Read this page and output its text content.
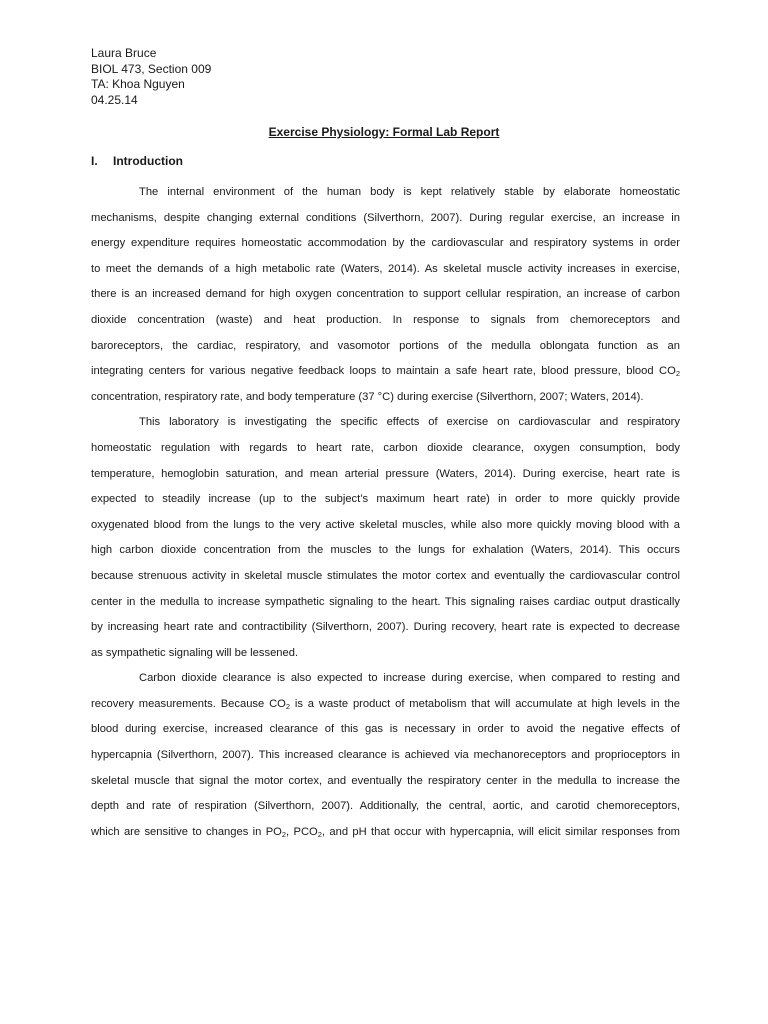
Laura Bruce
BIOL 473, Section 009
TA: Khoa Nguyen
04.25.14
Exercise Physiology: Formal Lab Report
I. Introduction
The internal environment of the human body is kept relatively stable by elaborate homeostatic
mechanisms, despite changing external conditions (Silverthorn, 2007). During regular exercise, an increase in
energy expenditure requires homeostatic accommodation by the cardiovascular and respiratory systems in order
to meet the demands of a high metabolic rate (Waters, 2014). As skeletal muscle activity increases in exercise,
there is an increased demand for high oxygen concentration to support cellular respiration, an increase of carbon
dioxide concentration (waste) and heat production. In response to signals from chemoreceptors and
baroreceptors, the cardiac, respiratory, and vasomotor portions of the medulla oblongata function as an
integrating centers for various negative feedback loops to maintain a safe heart rate, blood pressure, blood $CO_2$
concentration, respiratory rate, and body temperature (37 °C) during exercise (Silverthorn, 2007; Waters, 2014).
This laboratory is investigating the specific effects of exercise on cardiovascular and respiratory
homeostatic regulation with regards to heart rate, carbon dioxide clearance, oxygen consumption, body
temperature, hemoglobin saturation, and mean arterial pressure (Waters, 2014). During exercise, heart rate is
expected to steadily increase (up to the subject’s maximum heart rate) in order to more quickly provide
oxygenated blood from the lungs to the very active skeletal muscles, while also more quickly moving blood with a
high carbon dioxide concentration from the muscles to the lungs for exhalation (Waters, 2014). This occurs
because strenuous activity in skeletal muscle stimulates the motor cortex and eventually the cardiovascular control
center in the medulla to increase sympathetic signaling to the heart. This signaling raises cardiac output drastically
by increasing heart rate and contractibility (Silverthorn, 2007). During recovery, heart rate is expected to decrease
as sympathetic signaling will be lessened.
Carbon dioxide clearance is also expected to increase during exercise, when compared to resting and
recovery measurements. Because $CO_2$ is a waste product of metabolism that will accumulate at high levels in the
blood during exercise, increased clearance of this gas is necessary in order to avoid the negative effects of
hypercapnia (Silverthorn, 2007). This increased clearance is achieved via mechanoreceptors and proprioceptors in
skeletal muscle that signal the motor cortex, and eventually the respiratory center in the medulla to increase the
depth and rate of respiration (Silverthorn, 2007). Additionally, the central, aortic, and carotid chemoreceptors,
which are sensitive to changes in $PO_2$, $PCO_2$, and pH that occur with hypercapnia, will elicit similar responses from
